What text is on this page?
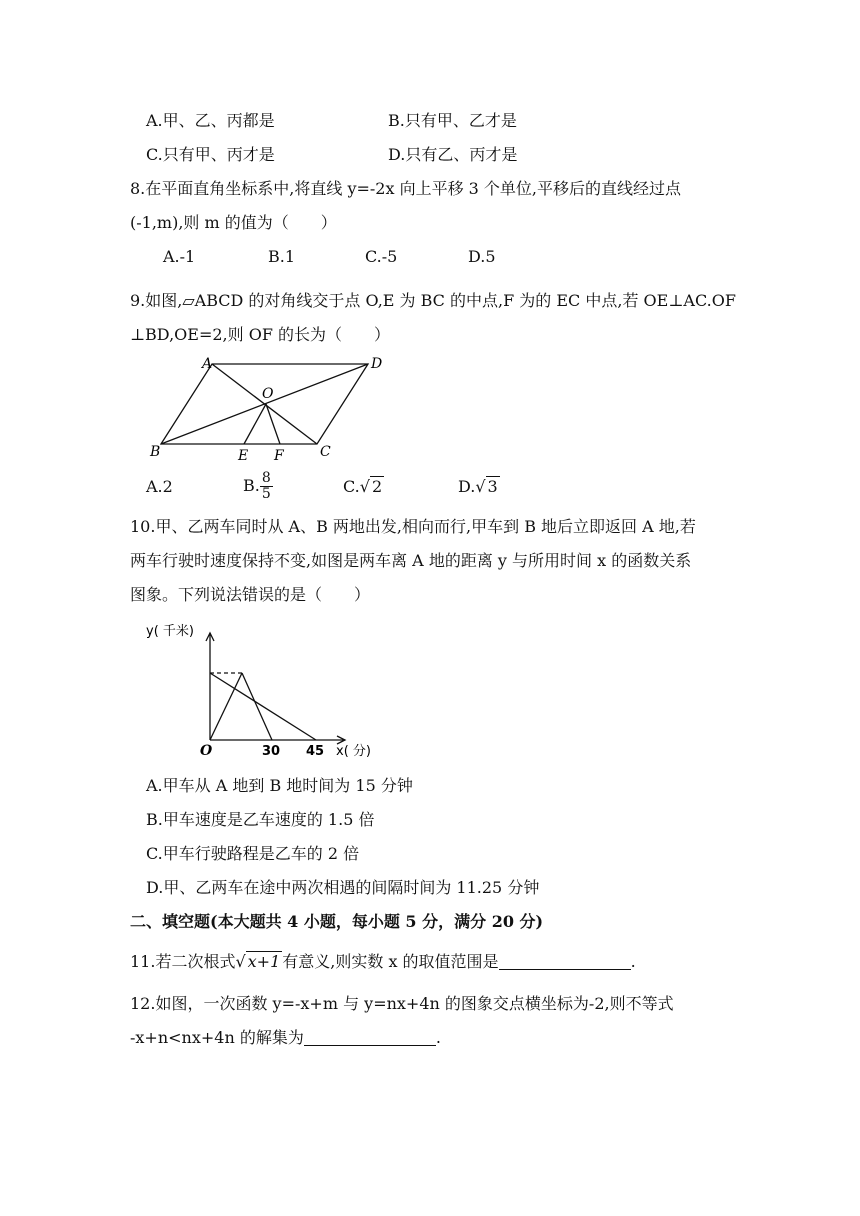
A.甲、乙、丙都是	B.只有甲、乙才是
C.只有甲、丙才是	D.只有乙、丙才是
8.在平面直角坐标系中,将直线 y=-2x 向上平移 3 个单位,平移后的直线经过点
(-1,m),则 m 的值为（　　）
A.-1	B.1	C.-5	D.5
9.如图,▱ABCD 的对角线交于点 O,E 为 BC 的中点,F 为的 EC 中点,若 OE⊥AC.OF
⊥BD,OE=2,则 OF 的长为（　　）
A	D
O
B	E F	C
A.2	B. $\frac{8}{5}$	C.√ 2	D.√ 3
10.甲、乙两车同时从 A、B 两地出发,相向而行,甲车到 B 地后立即返回 A 地,若
两车行驶时速度保持不变,如图是两车离 A 地的距离 y 与所用时间 x 的函数关系
图象。下列说法错误的是（　　）
y( 千米)
O	30 45 x( 分)
A.甲车从 A 地到 B 地时间为 15 分钟
B.甲车速度是乙车速度的 1.5 倍
C.甲车行驶路程是乙车的 2 倍
D.甲、乙两车在途中两次相遇的间隔时间为 11.25 分钟
二、填空题(本大题共 4 小题，每小题 5 分，满分 20 分)
11.若二次根式√ x+1 有意义,则实数 x 的取值范围是	.
12.如图，一次函数 y=-x+m 与 y=nx+4n 的图象交点横坐标为-2,则不等式
-x+n<nx+4n 的解集为	.
